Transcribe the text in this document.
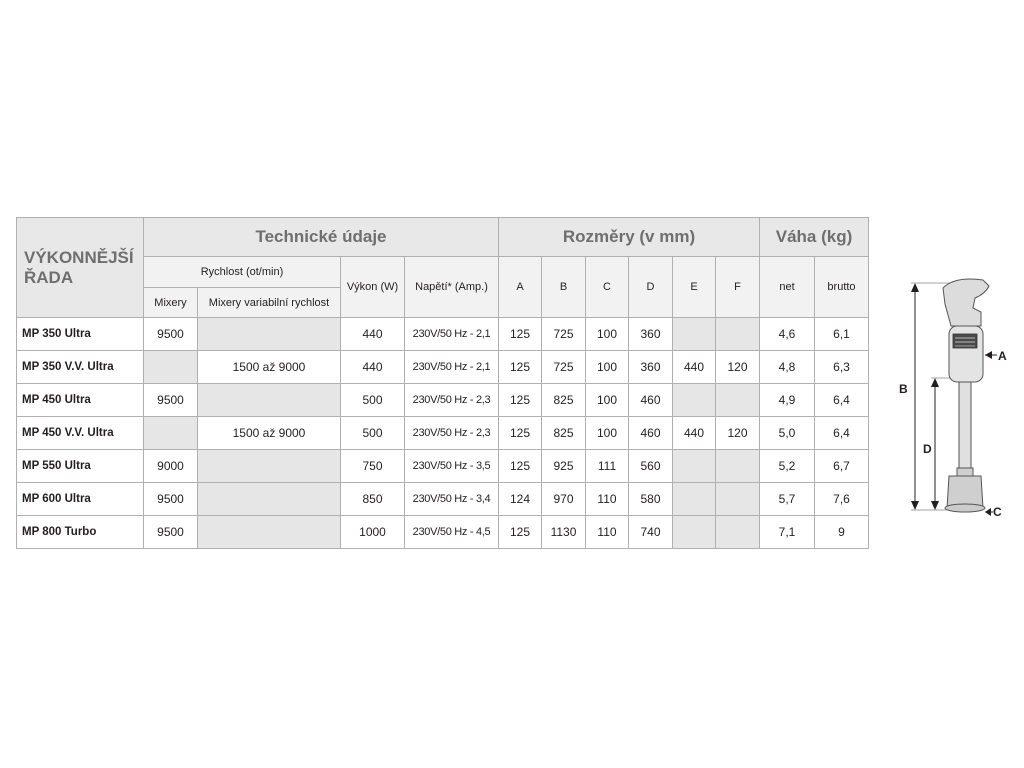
VÝKONNĚJŠÍ ŘADA	Technické údaje				Rozměry (v mm)						Váha (kg)	
	Rychlost (ot/min)		Výkon (W)	Napětí* (Amp.)	A	B	C	D	E	F	net	brutto
	Mixery	Mixery variabilní rychlost										
MP 350 Ultra	9500		440	230V/50 Hz - 2,1	125	725	100	360			4,6	6,1
MP 350 V.V. Ultra		1500 až 9000	440	230V/50 Hz - 2,1	125	725	100	360	440	120	4,8	6,3
MP 450 Ultra	9500		500	230V/50 Hz - 2,3	125	825	100	460			4,9	6,4
MP 450 V.V. Ultra		1500 až 9000	500	230V/50 Hz - 2,3	125	825	100	460	440	120	5,0	6,4
MP 550 Ultra	9000		750	230V/50 Hz - 3,5	125	925	111	560			5,2	6,7
MP 600 Ultra	9500		850	230V/50 Hz - 3,4	124	970	110	580			5,7	7,6
MP 800 Turbo	9500		1000	230V/50 Hz - 4,5	125	1130	110	740			7,1	9
B
D
A
C
